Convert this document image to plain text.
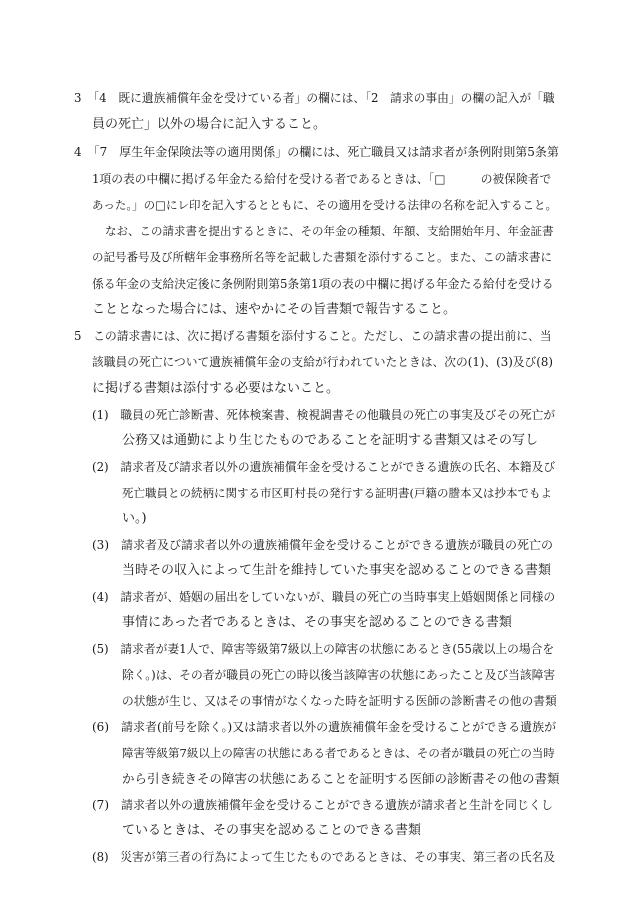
3　「4　既に遺族補償年金を受けている者」の欄には、「2　請求の事由」の欄の記入が「職
員の死亡」以外の場合に記入すること。
4　「7　厚生年金保険法等の適用関係」の欄には、死亡職員又は請求者が条例附則第5条第
1項の表の中欄に掲げる年金たる給付を受ける者であるときは、「□　　　の被保険者で
あった。」の□にレ印を記入するとともに、その適用を受ける法律の名称を記入すること。
なお、この請求書を提出するときに、その年金の種類、年額、支給開始年月、年金証書
の記号番号及び所轄年金事務所名等を記載した書類を添付すること。また、この請求書に
係る年金の支給決定後に条例附則第5条第1項の表の中欄に掲げる年金たる給付を受ける
こととなった場合には、速やかにその旨書類で報告すること。
5　この請求書には、次に掲げる書類を添付すること。ただし、この請求書の提出前に、当
該職員の死亡について遺族補償年金の支給が行われていたときは、次の(1)、(3)及び(8)
に掲げる書類は添付する必要はないこと。
(1)　職員の死亡診断書、死体検案書、検視調書その他職員の死亡の事実及びその死亡が
公務又は通勤により生じたものであることを証明する書類又はその写し
(2)　請求者及び請求者以外の遺族補償年金を受けることができる遺族の氏名、本籍及び
死亡職員との続柄に関する市区町村長の発行する証明書(戸籍の謄本又は抄本でもよ
い。)
(3)　請求者及び請求者以外の遺族補償年金を受けることができる遺族が職員の死亡の
当時その収入によって生計を維持していた事実を認めることのできる書類
(4)　請求者が、婚姻の届出をしていないが、職員の死亡の当時事実上婚姻関係と同様の
事情にあった者であるときは、その事実を認めることのできる書類
(5)　請求者が妻1人で、障害等級第7級以上の障害の状態にあるとき(55歳以上の場合を
除く。)は、その者が職員の死亡の時以後当該障害の状態にあったこと及び当該障害
の状態が生じ、又はその事情がなくなった時を証明する医師の診断書その他の書類
(6)　請求者(前号を除く。)又は請求者以外の遺族補償年金を受けることができる遺族が
障害等級第7級以上の障害の状態にある者であるときは、その者が職員の死亡の当時
から引き続きその障害の状態にあることを証明する医師の診断書その他の書類
(7)　請求者以外の遺族補償年金を受けることができる遺族が請求者と生計を同じくし
ているときは、その事実を認めることのできる書類
(8)　災害が第三者の行為によって生じたものであるときは、その事実、第三者の氏名及
